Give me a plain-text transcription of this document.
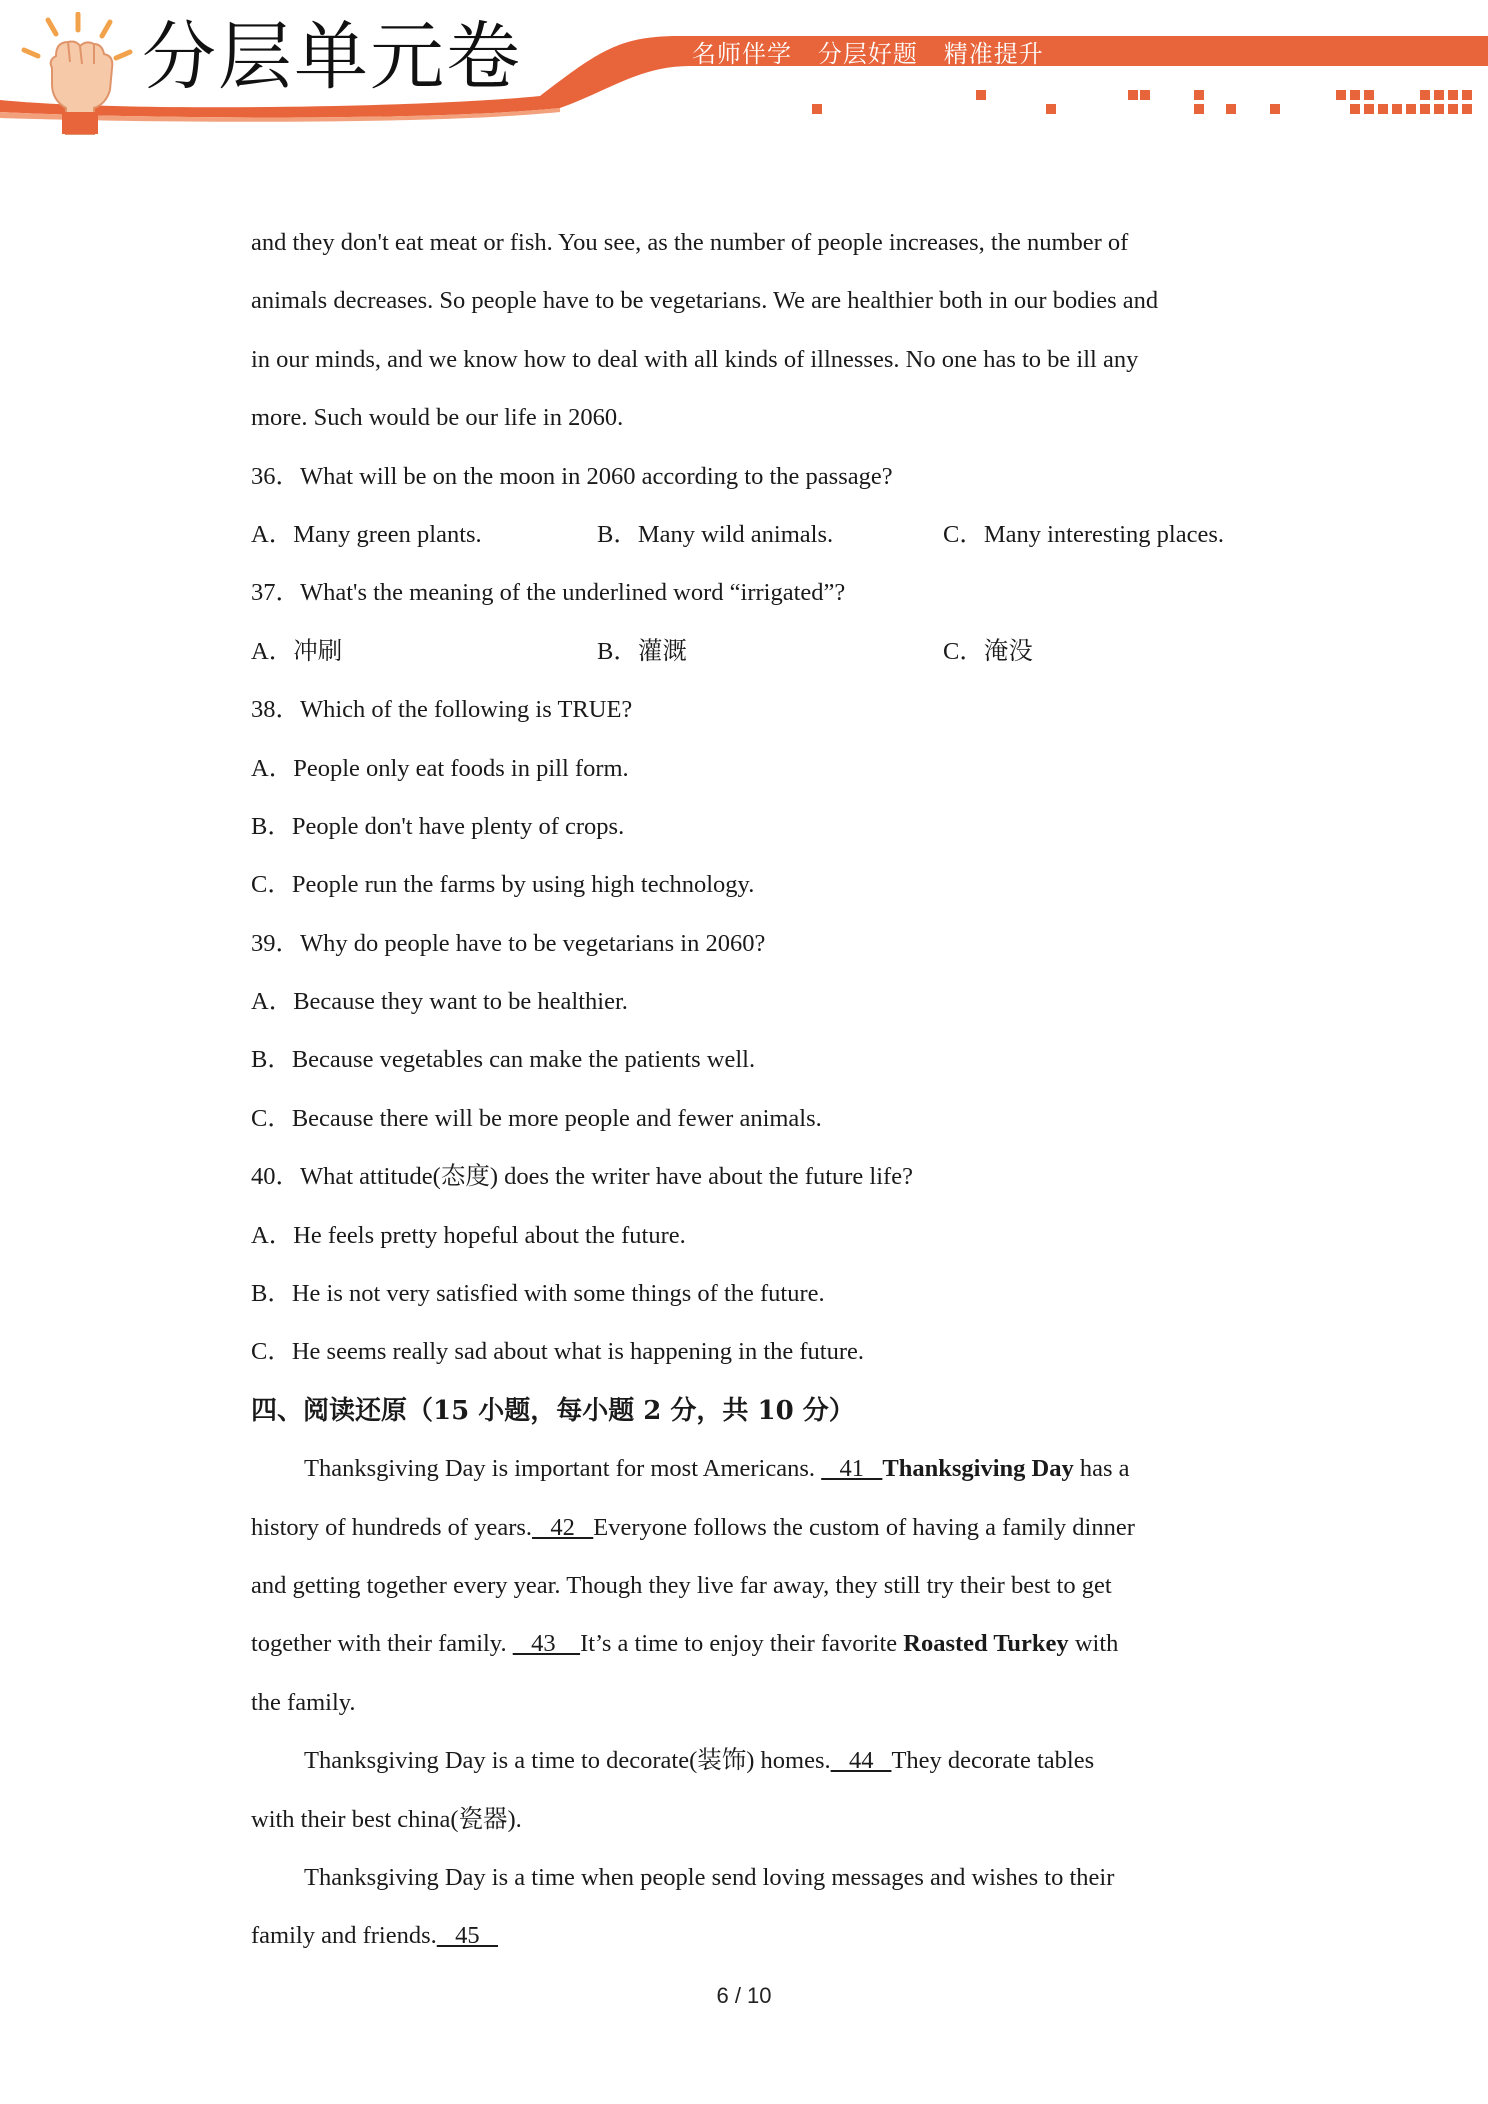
分层单元卷	名师伴学   分层好题   精准提升
and they don't eat meat or fish. You see, as the number of people increases, the number of
animals decreases. So people have to be vegetarians. We are healthier both in our bodies and
in our minds, and we know how to deal with all kinds of illnesses. No one has to be ill any
more. Such would be our life in 2060.
36．What will be on the moon in 2060 according to the passage?
A．Many green plants.	B．Many wild animals.	C．Many interesting places.
37．What's the meaning of the underlined word “irrigated”?
A．冲刷	B．灌溉	C．淹没
38．Which of the following is TRUE?
A．People only eat foods in pill form.
B．People don't have plenty of crops.
C．People run the farms by using high technology.
39．Why do people have to be vegetarians in 2060?
A．Because they want to be healthier.
B．Because vegetables can make the patients well.
C．Because there will be more people and fewer animals.
40．What attitude(态度) does the writer have about the future life?
A．He feels pretty hopeful about the future.
B．He is not very satisfied with some things of the future.
C．He seems really sad about what is happening in the future.
四、阅读还原（15 小题，每小题 2 分，共 10 分）
Thanksgiving Day is important for most Americans.    41   Thanksgiving Day has a
history of hundreds of years.   42   Everyone follows the custom of having a family dinner
and getting together every year. Though they live far away, they still try their best to get
together with their family.    43    It’s a time to enjoy their favorite Roasted Turkey with
the family.
Thanksgiving Day is a time to decorate(装饰) homes.   44   They decorate tables
with their best china(瓷器).
Thanksgiving Day is a time when people send loving messages and wishes to their
family and friends.   45
6 / 10
